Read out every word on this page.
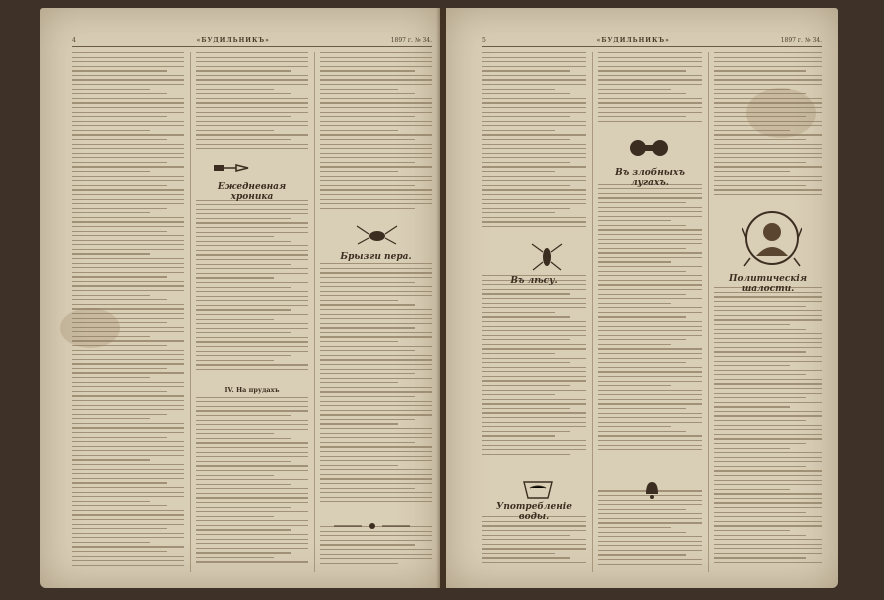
4	«БУДИЛЬНИКЪ»	1897 г. № 34.
Ежедневная хроника
Брызги пера.
IV. На прудахъ
5	«БУДИЛЬНИКЪ»	1897 г. № 34.
Въ злобныхъ лугахъ.
Въ лѣсу.	Политическія шалости.
Употребленіе воды.
